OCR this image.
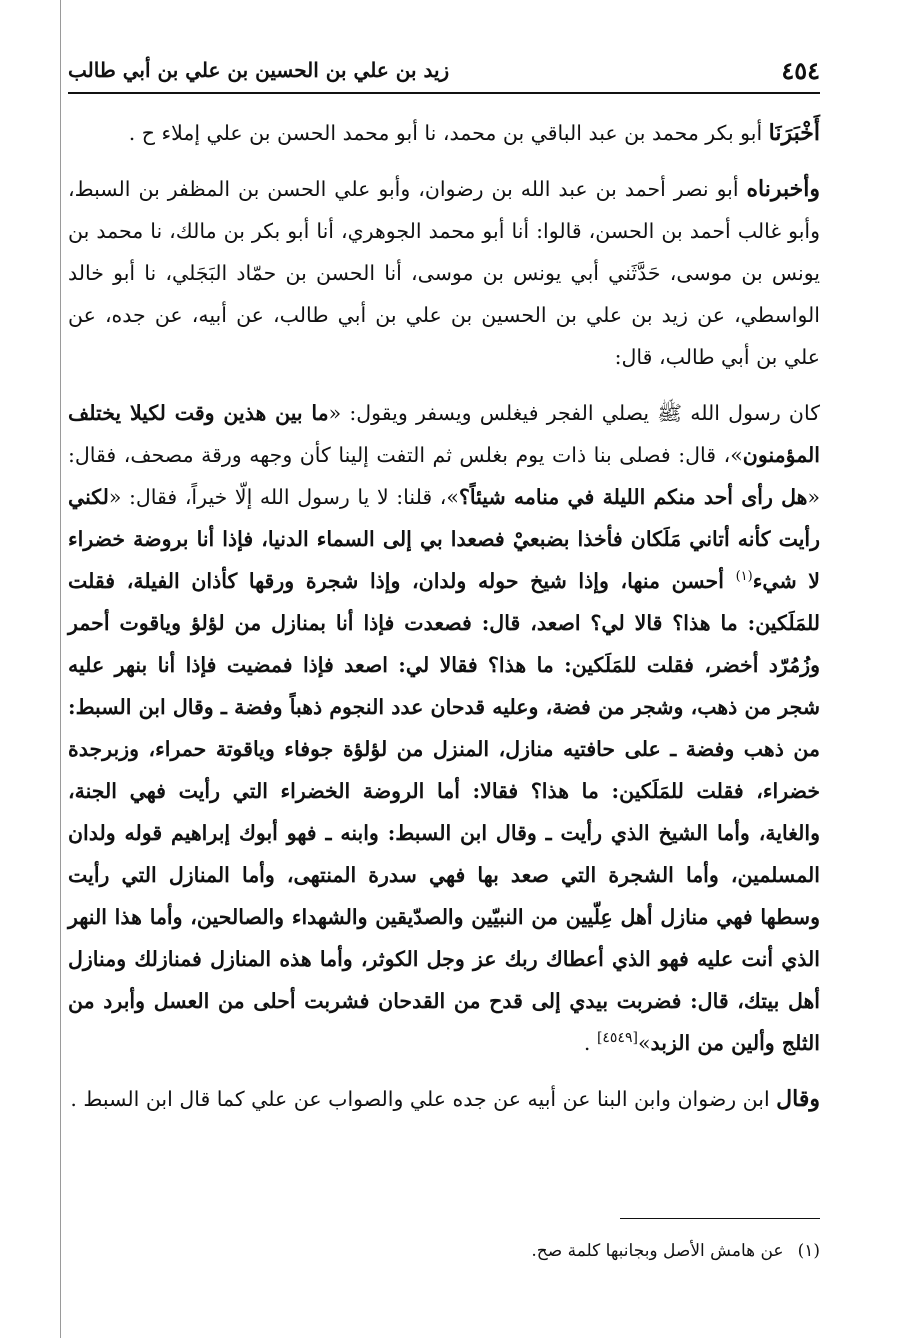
٤٥٤
زيد بن علي بن الحسين بن علي بن أبي طالب

أَخْبَرَنَا أبو بكر محمد بن عبد الباقي بن محمد، نا أبو محمد الحسن بن علي إملاء ح .

وأخبرناه أبو نصر أحمد بن عبد الله بن رضوان، وأبو علي الحسن بن المظفر بن السبط، وأبو غالب أحمد بن الحسن، قالوا: أنا أبو محمد الجوهري، أنا أبو بكر بن مالك، نا محمد بن يونس بن موسى، حَدَّثَني أبي يونس بن موسى، أنا الحسن بن حمّاد البَجَلي، نا أبو خالد الواسطي، عن زيد بن علي بن الحسين بن علي بن أبي طالب، عن أبيه، عن جده، عن علي بن أبي طالب، قال:

كان رسول الله ﷺ يصلي الفجر فيغلس ويسفر ويقول: «ما بين هذين وقت لكيلا يختلف المؤمنون»، قال: فصلى بنا ذات يوم بغلس ثم التفت إلينا كأن وجهه ورقة مصحف، فقال: «هل رأى أحد منكم الليلة في منامه شيئاً؟»، قلنا: لا يا رسول الله إلّا خيراً، فقال: «لكني رأيت كأنه أتاني مَلَكان فأخذا بضبعيْ فصعدا بي إلى السماء الدنيا، فإذا أنا بروضة خضراء لا شيء$^{(١)}$ أحسن منها، وإذا شيخ حوله ولدان، وإذا شجرة ورقها كأذان الفيلة، فقلت للمَلَكين: ما هذا؟ قالا لي؟ اصعد، قال: فصعدت فإذا أنا بمنازل من لؤلؤ وياقوت أحمر وزُمُرّد أخضر، فقلت للمَلَكين: ما هذا؟ فقالا لي: اصعد فإذا فمضيت فإذا أنا بنهر عليه شجر من ذهب، وشجر من فضة، وعليه قدحان عدد النجوم ذهباً وفضة ـ وقال ابن السبط: من ذهب وفضة ـ على حافتيه منازل، المنزل من لؤلؤة جوفاء وياقوتة حمراء، وزبرجدة خضراء، فقلت للمَلَكين: ما هذا؟ فقالا: أما الروضة الخضراء التي رأيت فهي الجنة، والغاية، وأما الشيخ الذي رأيت ـ وقال ابن السبط: وابنه ـ فهو أبوك إبراهيم قوله ولدان المسلمين، وأما الشجرة التي صعد بها فهي سدرة المنتهى، وأما المنازل التي رأيت وسطها فهي منازل أهل عِلّيين من النبيّين والصدّيقين والشهداء والصالحين، وأما هذا النهر الذي أنت عليه فهو الذي أعطاك ربك عز وجل الكوثر، وأما هذه المنازل فمنازلك ومنازل أهل بيتك، قال: فضربت بيدي إلى قدح من القدحان فشربت أحلى من العسل وأبرد من الثلج وألين من الزبد»[٤٥٤٩] .

وقال ابن رضوان وابن البنا عن أبيه عن جده علي والصواب عن علي كما قال ابن السبط .

(١)عن هامش الأصل وبجانبها كلمة صح.
